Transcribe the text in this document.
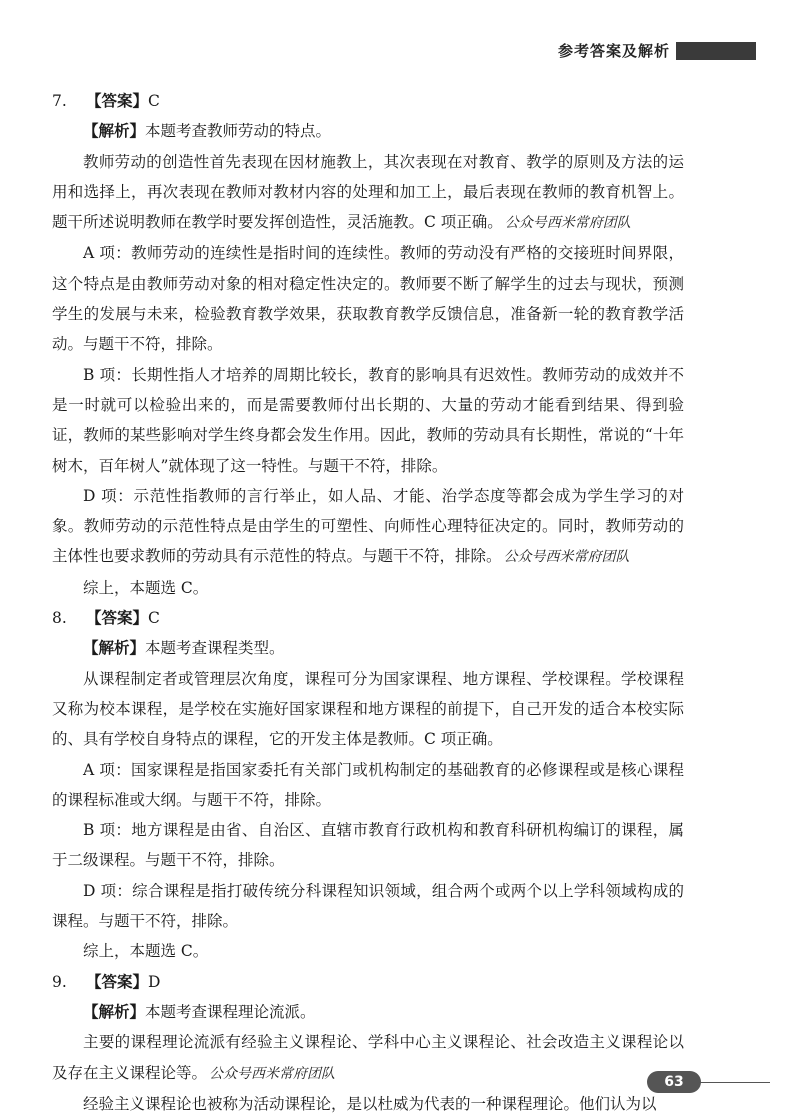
参考答案及解析

7. 【答案】C

【解析】本题考查教师劳动的特点。

教师劳动的创造性首先表现在因材施教上，其次表现在对教育、教学的原则及方法的运用和选择上，再次表现在教师对教材内容的处理和加工上，最后表现在教师的教育机智上。题干所述说明教师在教学时要发挥创造性，灵活施教。C 项正确。 公众号西米常府团队

A 项：教师劳动的连续性是指时间的连续性。教师的劳动没有严格的交接班时间界限，这个特点是由教师劳动对象的相对稳定性决定的。教师要不断了解学生的过去与现状，预测学生的发展与未来，检验教育教学效果，获取教育教学反馈信息，准备新一轮的教育教学活动。与题干不符，排除。

B 项：长期性指人才培养的周期比较长，教育的影响具有迟效性。教师劳动的成效并不是一时就可以检验出来的，而是需要教师付出长期的、大量的劳动才能看到结果、得到验证，教师的某些影响对学生终身都会发生作用。因此，教师的劳动具有长期性，常说的“十年树木，百年树人”就体现了这一特性。与题干不符，排除。

D 项：示范性指教师的言行举止，如人品、才能、治学态度等都会成为学生学习的对象。教师劳动的示范性特点是由学生的可塑性、向师性心理特征决定的。同时，教师劳动的主体性也要求教师的劳动具有示范性的特点。与题干不符，排除。 公众号西米常府团队

综上，本题选 C。

8. 【答案】C

【解析】本题考查课程类型。

从课程制定者或管理层次角度，课程可分为国家课程、地方课程、学校课程。学校课程又称为校本课程，是学校在实施好国家课程和地方课程的前提下，自己开发的适合本校实际的、具有学校自身特点的课程，它的开发主体是教师。C 项正确。

A 项：国家课程是指国家委托有关部门或机构制定的基础教育的必修课程或是核心课程的课程标准或大纲。与题干不符，排除。

B 项：地方课程是由省、自治区、直辖市教育行政机构和教育科研机构编订的课程，属于二级课程。与题干不符，排除。

D 项：综合课程是指打破传统分科课程知识领域，组合两个或两个以上学科领域构成的课程。与题干不符，排除。

综上，本题选 C。

9. 【答案】D

【解析】本题考查课程理论流派。

主要的课程理论流派有经验主义课程论、学科中心主义课程论、社会改造主义课程论以及存在主义课程论等。 公众号西米常府团队

经验主义课程论也被称为活动课程论，是以杜威为代表的一种课程理论。他们认为以

63
